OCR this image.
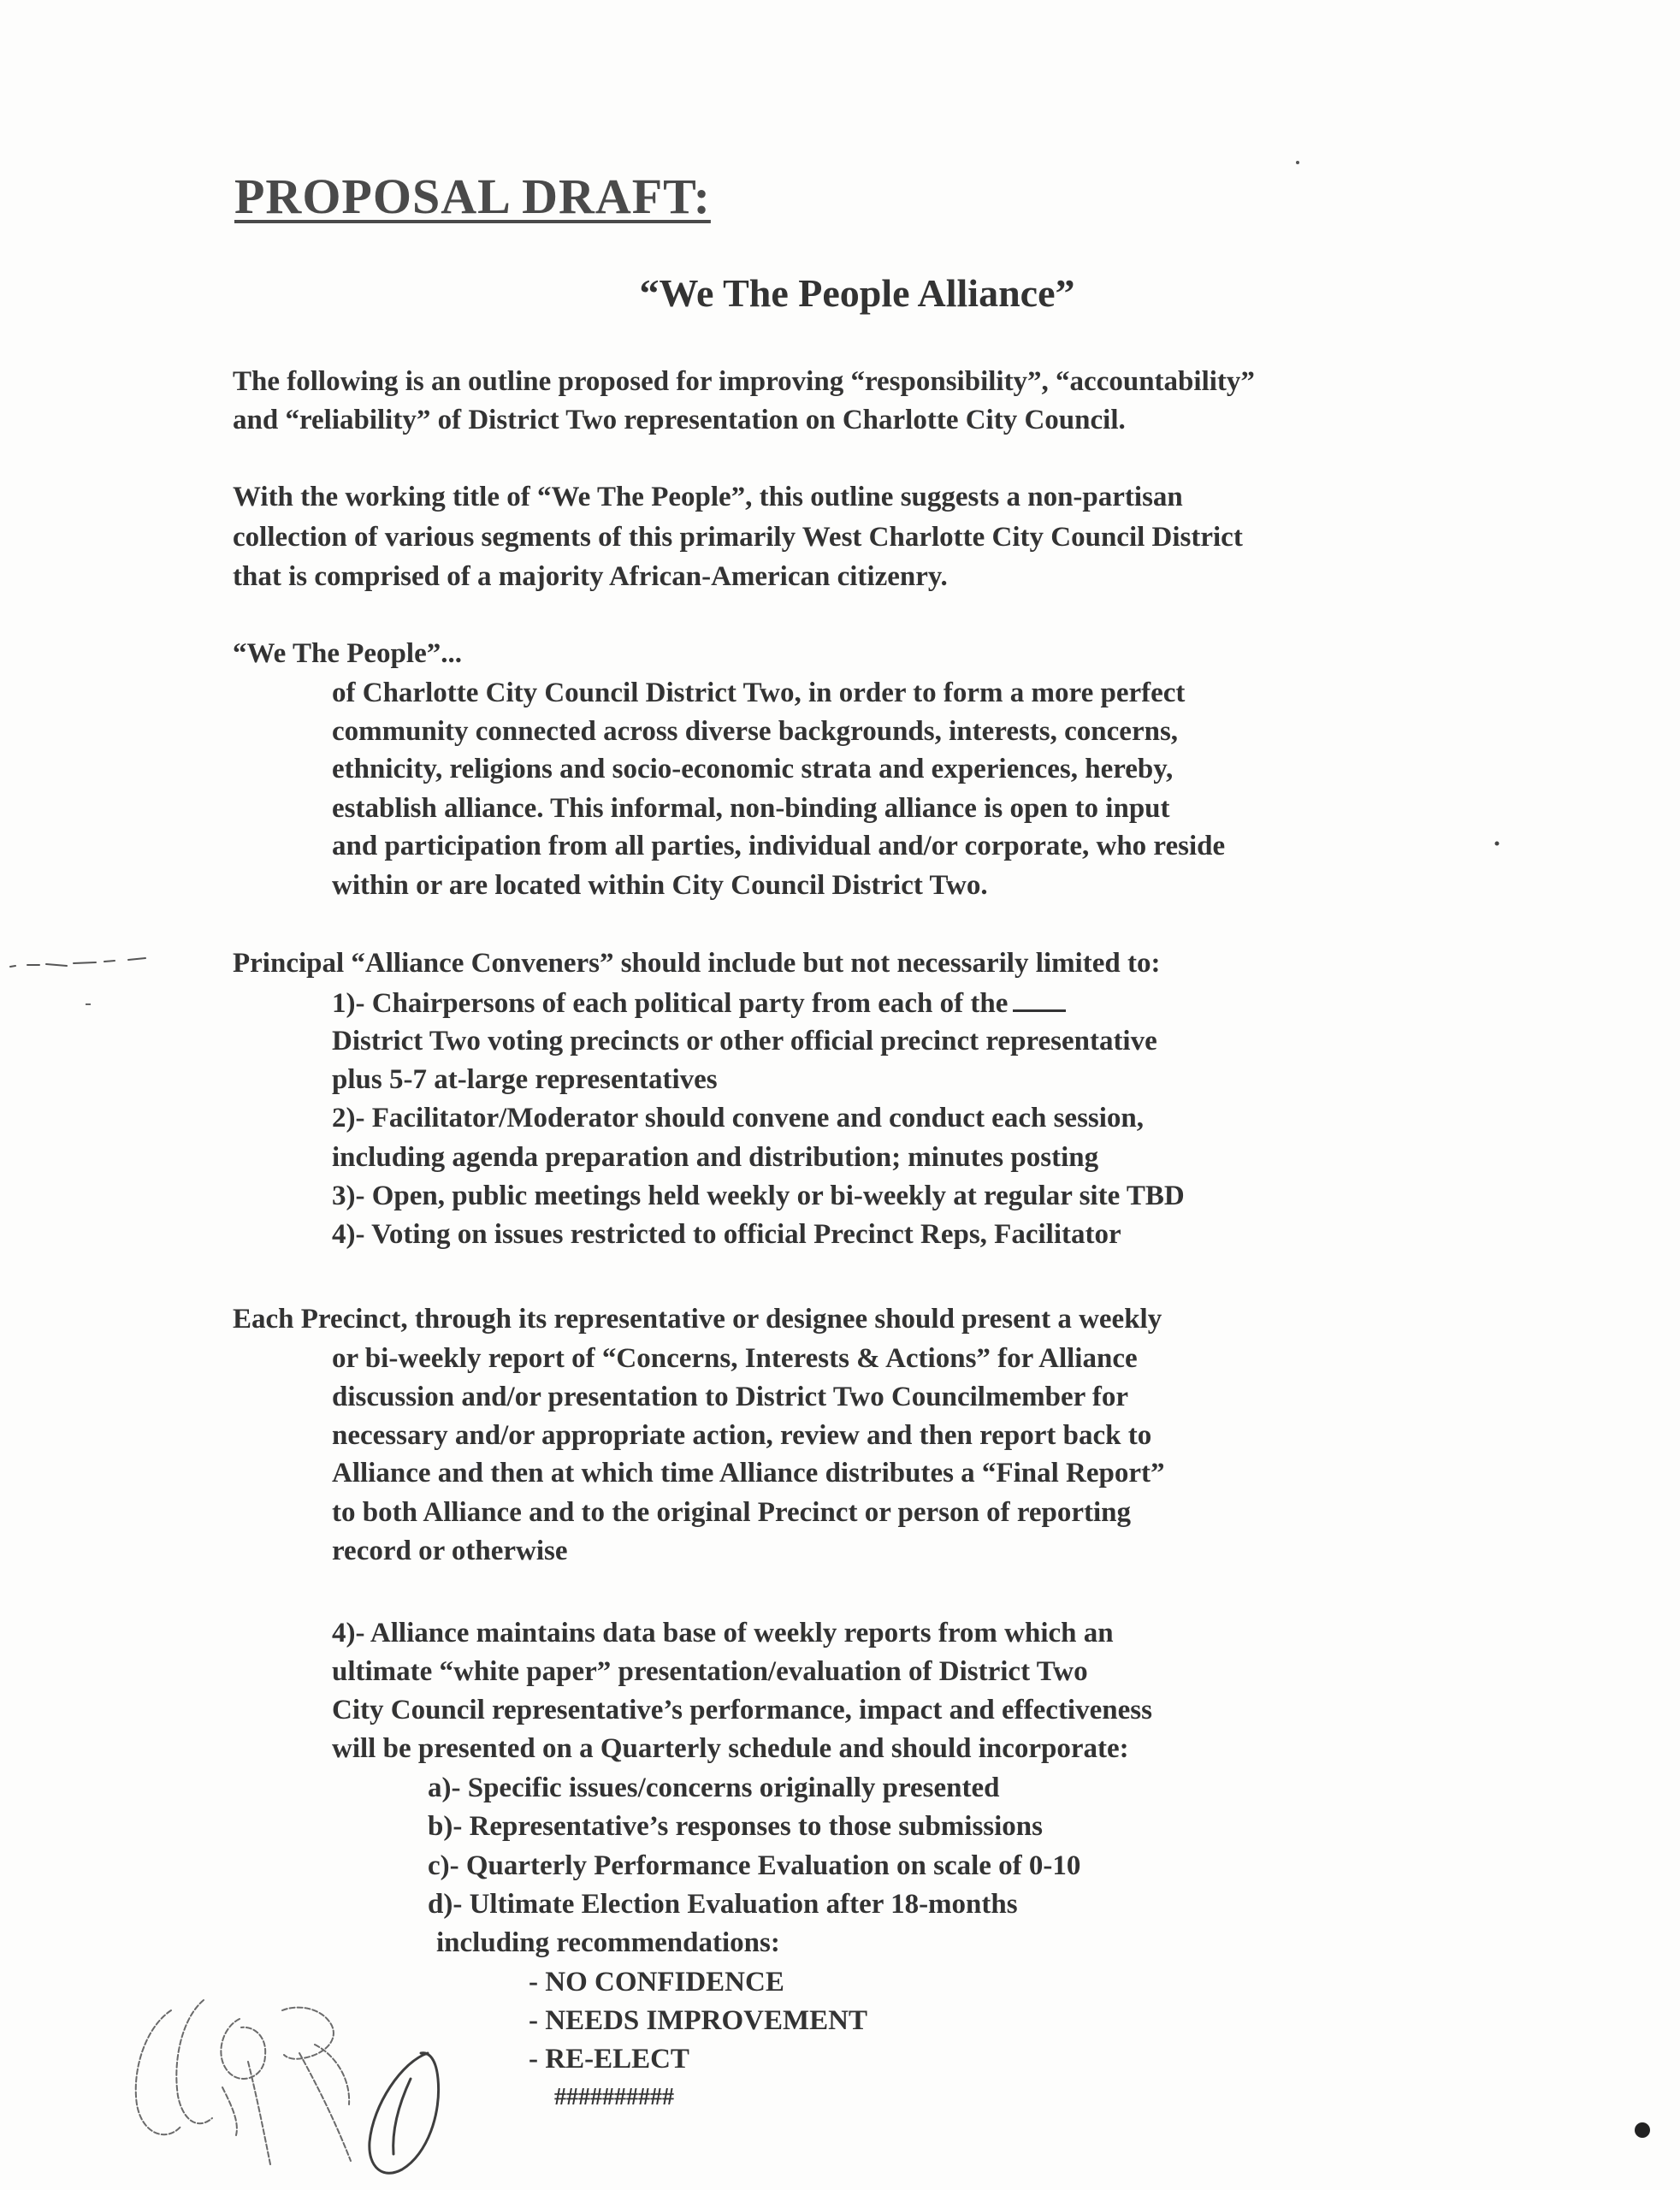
PROPOSAL DRAFT:
“We The People Alliance”
The following is an outline proposed for improving “responsibility”, “accountability”
and “reliability” of District Two representation on Charlotte City Council.
With the working title of “We The People”, this outline suggests a non-partisan
collection of various segments of this primarily West Charlotte City Council District
that is comprised of a majority African-American citizenry.
“We The People”...
of Charlotte City Council District Two, in order to form a more perfect
community connected across diverse backgrounds, interests, concerns,
ethnicity, religions and socio-economic strata and experiences, hereby,
establish alliance. This informal, non-binding alliance is open to input
and participation from all parties, individual and/or corporate, who reside
within or are located within City Council District Two.
Principal “Alliance Conveners” should include but not necessarily limited to:
1)- Chairpersons of each political party from each of the
District Two voting precincts or other official precinct representative
plus 5-7 at-large representatives
2)- Facilitator/Moderator should convene and conduct each session,
including agenda preparation and distribution; minutes posting
3)- Open, public meetings held weekly or bi-weekly at regular site TBD
4)- Voting on issues restricted to official Precinct Reps, Facilitator
Each Precinct, through its representative or designee should present a weekly
or bi-weekly report of “Concerns, Interests & Actions” for Alliance
discussion and/or presentation to District Two Councilmember for
necessary and/or appropriate action, review and then report back to
Alliance and then at which time Alliance distributes a “Final Report”
to both Alliance and to the original Precinct or person of reporting
record or otherwise
4)- Alliance maintains data base of weekly reports from which an
ultimate “white paper” presentation/evaluation of District Two
City Council representative’s performance, impact and effectiveness
will be presented on a Quarterly schedule and should incorporate:
a)- Specific issues/concerns originally presented
b)- Representative’s responses to those submissions
c)- Quarterly Performance Evaluation on scale of 0-10
d)- Ultimate Election Evaluation after 18-months
including recommendations:
- NO CONFIDENCE
- NEEDS IMPROVEMENT
- RE-ELECT
##########
